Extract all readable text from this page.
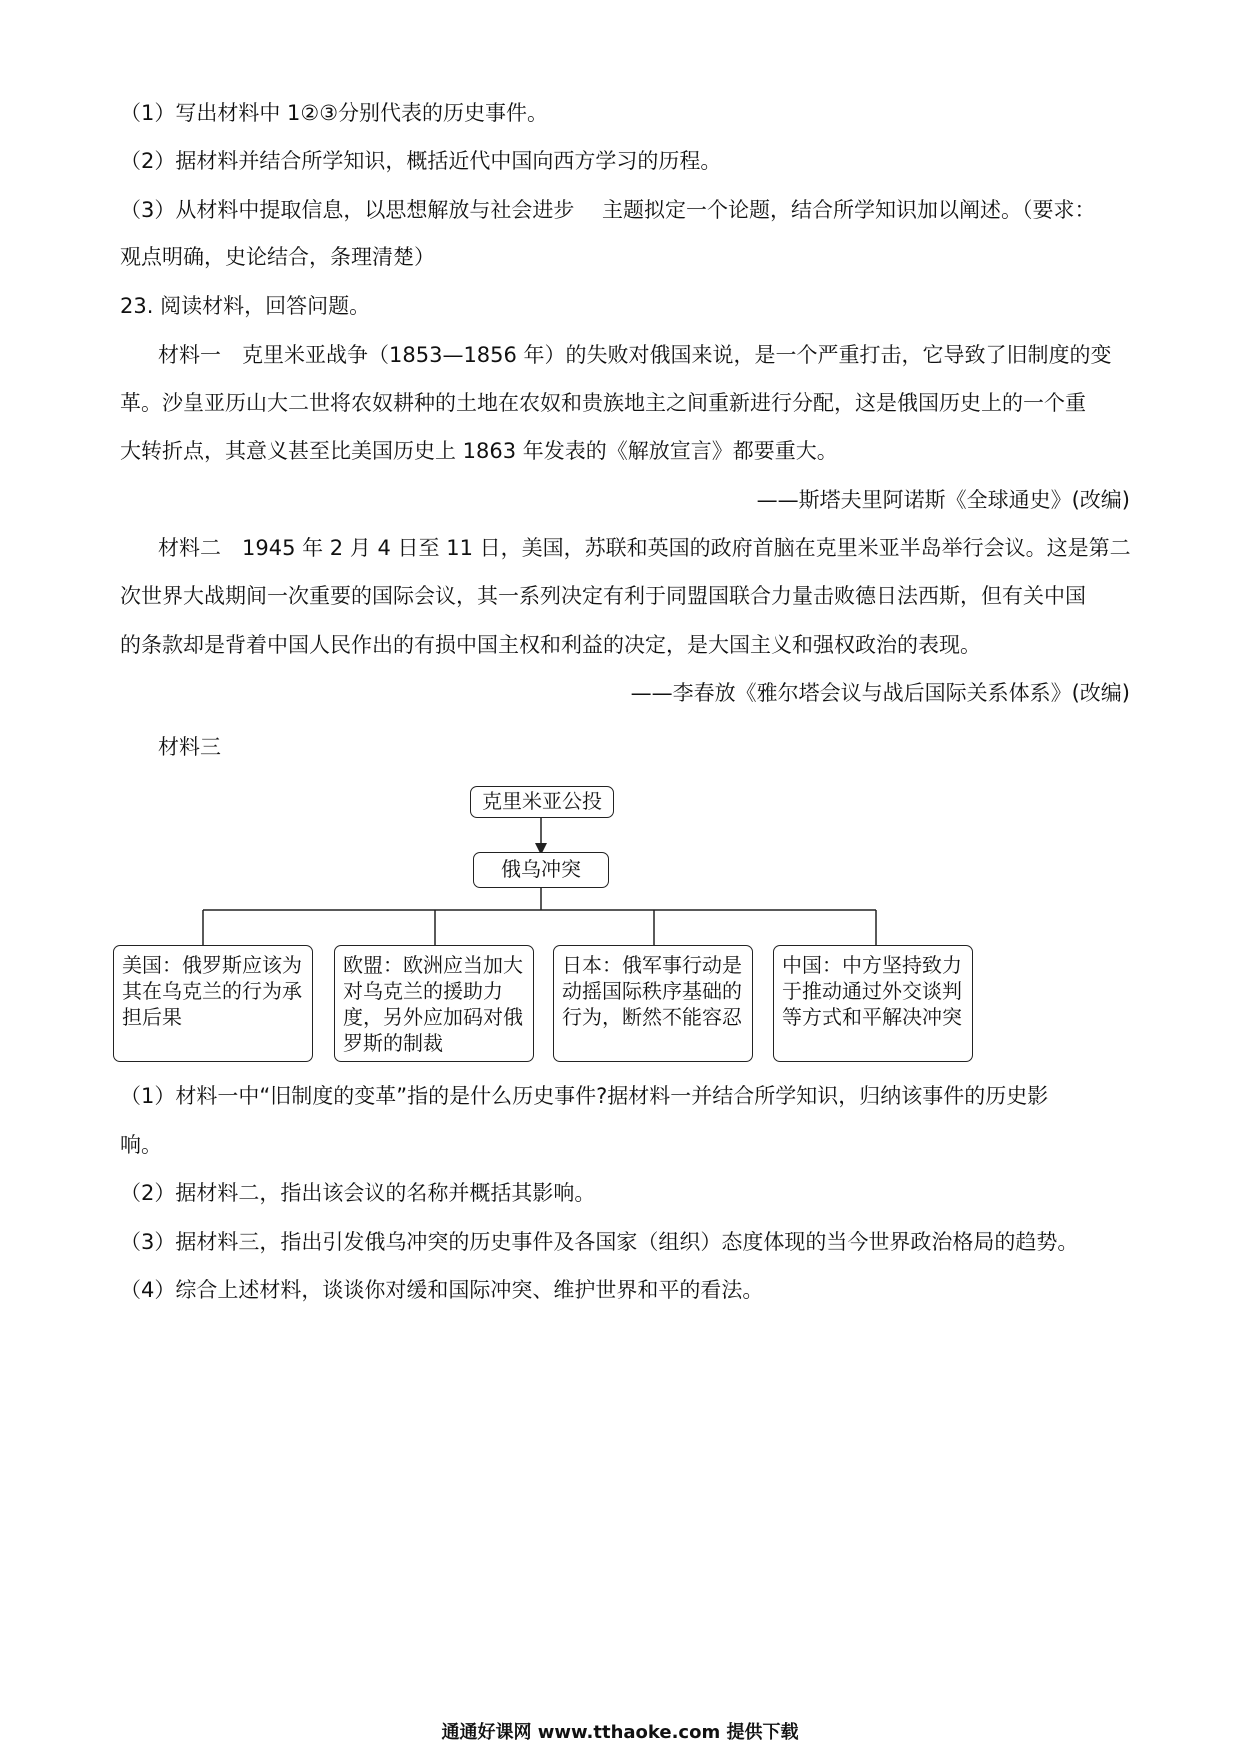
（1）写出材料中 1②③分别代表的历史事件。
（2）据材料并结合所学知识，概括近代中国向西方学习的历程。
（3）从材料中提取信息，以思想解放与社会进步　 主题拟定一个论题，结合所学知识加以阐述。（要求：
观点明确，史论结合，条理清楚）
23. 阅读材料，回答问题。
材料一　克里米亚战争（1853—1856 年）的失败对俄国来说，是一个严重打击，它导致了旧制度的变
革。沙皇亚历山大二世将农奴耕种的土地在农奴和贵族地主之间重新进行分配，这是俄国历史上的一个重
大转折点，其意义甚至比美国历史上 1863 年发表的《解放宣言》都要重大。
——斯塔夫里阿诺斯《全球通史》(改编)
材料二　1945 年 2 月 4 日至 11 日，美国，苏联和英国的政府首脑在克里米亚半岛举行会议。这是第二
次世界大战期间一次重要的国际会议，其一系列决定有利于同盟国联合力量击败德日法西斯，但有关中国
的条款却是背着中国人民作出的有损中国主权和利益的决定，是大国主义和强权政治的表现。
——李春放《雅尔塔会议与战后国际关系体系》(改编)
材料三
克里米亚公投
俄乌冲突
美国：俄罗斯应该为其在乌克兰的行为承担后果
欧盟：欧洲应当加大对乌克兰的援助力度，另外应加码对俄罗斯的制裁
日本：俄军事行动是动摇国际秩序基础的行为，断然不能容忍
中国：中方坚持致力于推动通过外交谈判等方式和平解决冲突
（1）材料一中“旧制度的变革”指的是什么历史事件?据材料一并结合所学知识，归纳该事件的历史影
响。
（2）据材料二，指出该会议的名称并概括其影响。
（3）据材料三，指出引发俄乌冲突的历史事件及各国家（组织）态度体现的当今世界政治格局的趋势。
（4）综合上述材料，谈谈你对缓和国际冲突、维护世界和平的看法。
通通好课网 www.tthaoke.com 提供下载
